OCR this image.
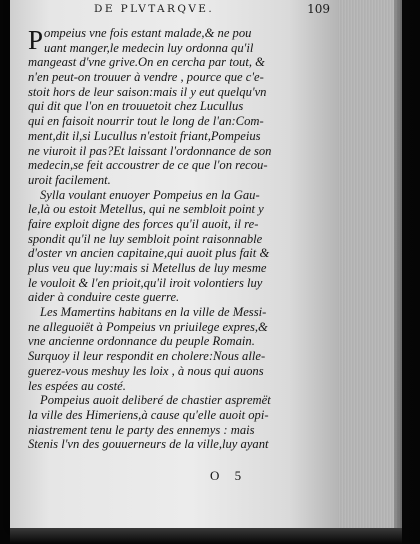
DE PLVTARQVE.	109
P ompeius vne fois estant malade,& ne pou
uant manger,le medecin luy ordonna qu'il
mangeast d'vne grive.On en cercha par tout, &
n'en peut-on trouuer à vendre , pource que c'e-
stoit hors de leur saison:mais il y eut quelqu'vn
qui dit que l'on en trouuetoit chez Lucullus
qui en faisoit nourrir tout le long de l'an:Com-
ment,dit il,si Lucullus n'estoit friant,Pompeius
ne viuroit il pas?Et laissant l'ordonnance de son
medecin,se feit accoustrer de ce que l'on recou-
uroit facilement.
Sylla voulant enuoyer Pompeius en la Gau-
le,là ou estoit Metellus, qui ne sembloit point y
faire exploit digne des forces qu'il auoit, il re-
spondit qu'il ne luy sembloit point raisonnable
d'oster vn ancien capitaine,qui auoit plus fait &
plus veu que luy:mais si Metellus de luy mesme
le vouloit & l'en prioit,qu'il iroit volontiers luy
aider à conduire ceste guerre.
Les Mamertins habitans en la ville de Messi-
ne alleguoiët à Pompeius vn priuilege expres,&
vne ancienne ordonnance du peuple Romain.
Surquoy il leur respondit en cholere:Nous alle-
guerez-vous meshuy les loix , à nous qui auons
les espées au costé.
Pompeius auoit deliberé de chastier aspremët
la ville des Himeriens,à cause qu'elle auoit opi-
niastrement tenu le party des ennemys : mais
Stenis l'vn des gouuerneurs de la ville,luy ayant
O 5
